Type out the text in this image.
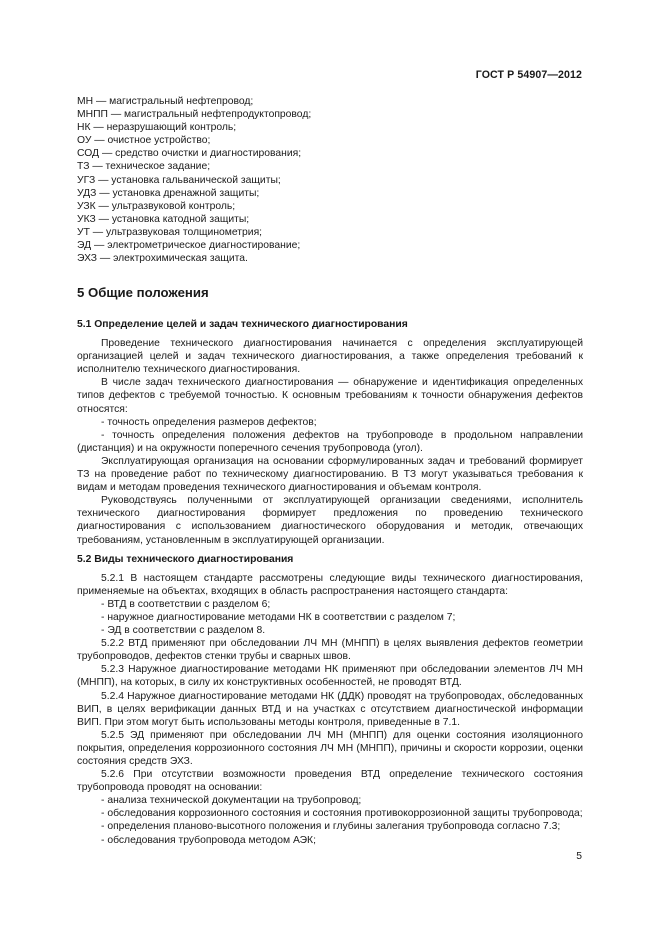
ГОСТ Р 54907—2012
МН — магистральный нефтепровод;
МНПП — магистральный нефтепродуктопровод;
НК — неразрушающий контроль;
ОУ — очистное устройство;
СОД — средство очистки и диагностирования;
ТЗ — техническое задание;
УГЗ — установка гальванической защиты;
УДЗ — установка дренажной защиты;
УЗК — ультразвуковой контроль;
УКЗ — установка катодной защиты;
УТ — ультразвуковая толщинометрия;
ЭД — электрометрическое диагностирование;
ЭХЗ — электрохимическая защита.
5 Общие положения
5.1 Определение целей и задач технического диагностирования

Проведение технического диагностирования начинается с определения эксплуатирующей организацией целей и задач технического диагностирования, а также определения требований к исполнителю технического диагностирования.

В числе задач технического диагностирования — обнаружение и идентификация определенных типов дефектов с требуемой точностью. К основным требованиям к точности обнаружения дефектов относятся:

- точность определения размеров дефектов;

- точность определения положения дефектов на трубопроводе в продольном направлении (дистанция) и на окружности поперечного сечения трубопровода (угол).

Эксплуатирующая организация на основании сформулированных задач и требований формирует ТЗ на проведение работ по техническому диагностированию. В ТЗ могут указываться требования к видам и методам проведения технического диагностирования и объемам контроля.

Руководствуясь полученными от эксплуатирующей организации сведениями, исполнитель технического диагностирования формирует предложения по проведению технического диагностирования с использованием диагностического оборудования и методик, отвечающих требованиям, установленным в эксплуатирующей организации.

5.2 Виды технического диагностирования

5.2.1 В настоящем стандарте рассмотрены следующие виды технического диагностирования, применяемые на объектах, входящих в область распространения настоящего стандарта:

- ВТД в соответствии с разделом 6;

- наружное диагностирование методами НК в соответствии с разделом 7;

- ЭД в соответствии с разделом 8.

5.2.2 ВТД применяют при обследовании ЛЧ МН (МНПП) в целях выявления дефектов геометрии трубопроводов, дефектов стенки трубы и сварных швов.

5.2.3 Наружное диагностирование методами НК применяют при обследовании элементов ЛЧ МН (МНПП), на которых, в силу их конструктивных особенностей, не проводят ВТД.

5.2.4 Наружное диагностирование методами НК (ДДК) проводят на трубопроводах, обследованных ВИП, в целях верификации данных ВТД и на участках с отсутствием диагностической информации ВИП. При этом могут быть использованы методы контроля, приведенные в 7.1.

5.2.5 ЭД применяют при обследовании ЛЧ МН (МНПП) для оценки состояния изоляционного покрытия, определения коррозионного состояния ЛЧ МН (МНПП), причины и скорости коррозии, оценки состояния средств ЭХЗ.

5.2.6 При отсутствии возможности проведения ВТД определение технического состояния трубопровода проводят на основании:

- анализа технической документации на трубопровод;

- обследования коррозионного состояния и состояния противокоррозионной защиты трубопровода;

- определения планово-высотного положения и глубины залегания трубопровода согласно 7.3;

- обследования трубопровода методом АЭК;

5
